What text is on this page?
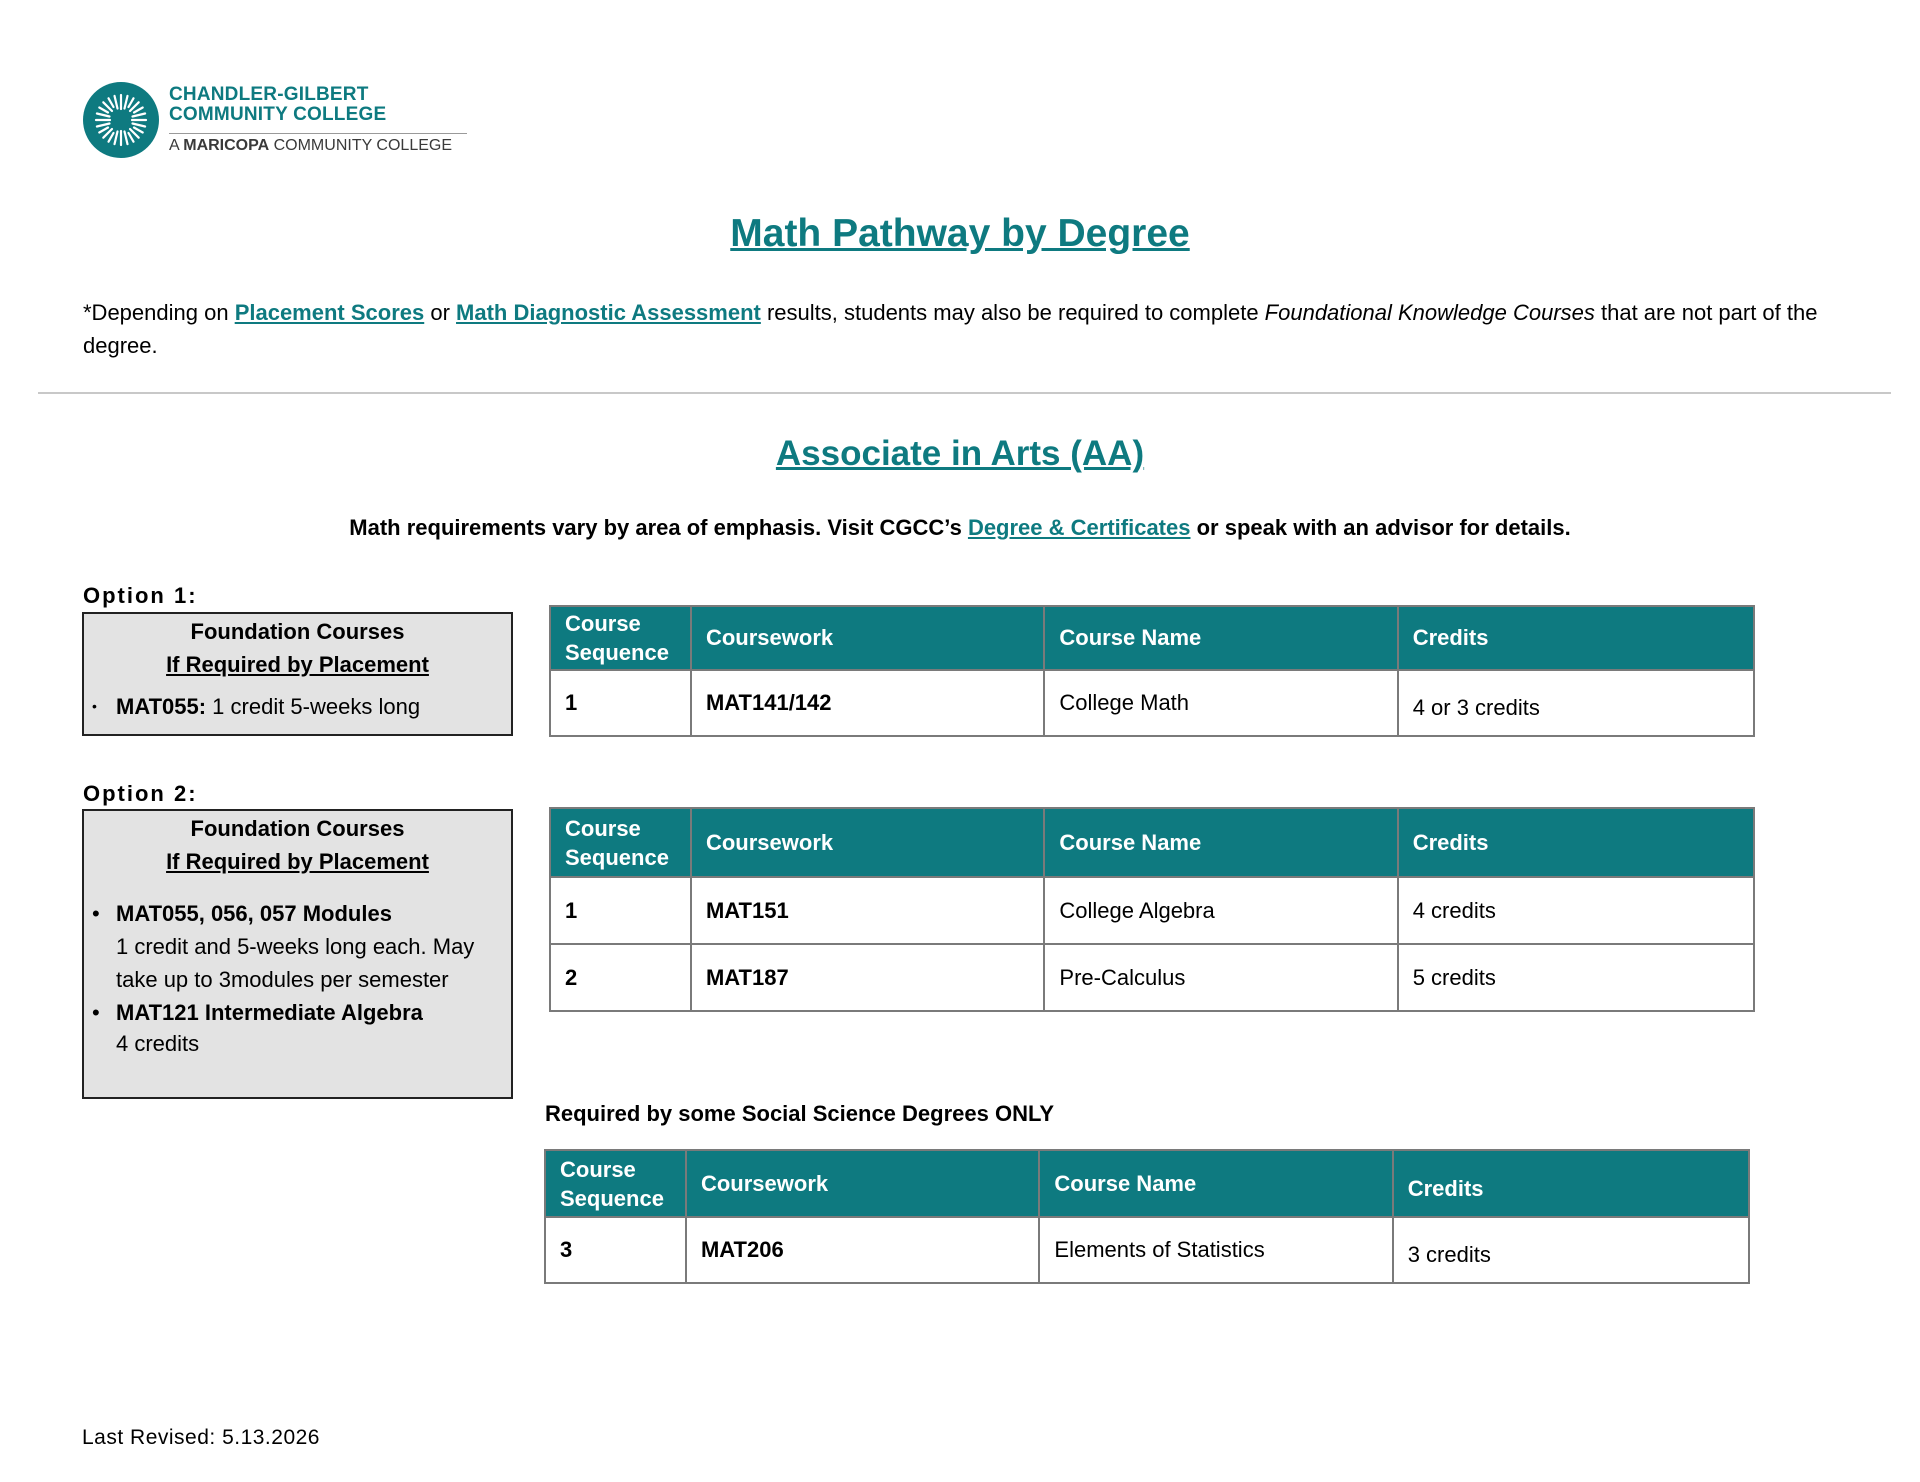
CHANDLER-GILBERT
COMMUNITY COLLEGE
A MARICOPA COMMUNITY COLLEGE
Math Pathway by Degree
*Depending on Placement Scores or Math Diagnostic Assessment results, students may also be required to complete Foundational Knowledge Courses that are not part of the degree.
Associate in Arts (AA)
Math requirements vary by area of emphasis. Visit CGCC’s Degree & Certificates or speak with an advisor for details.
Option 1:
Foundation Courses
If Required by Placement
• MAT055: 1 credit 5-weeks long
Course
Sequence	Coursework	Course Name	Credits
1	MAT141/142	College Math	4 or 3 credits
Option 2:
Foundation Courses
If Required by Placement
• MAT055, 056, 057 Modules
1 credit and 5-weeks long each. May take up to 3modules per semester
• MAT121 Intermediate Algebra
4 credits
Course
Sequence	Coursework	Course Name	Credits
1	MAT151	College Algebra	4 credits
2	MAT187	Pre-Calculus	5 credits
Required by some Social Science Degrees ONLY
Course
Sequence	Coursework	Course Name	Credits
3	MAT206	Elements of Statistics	3 credits
Last Revised: 5.13.2026
